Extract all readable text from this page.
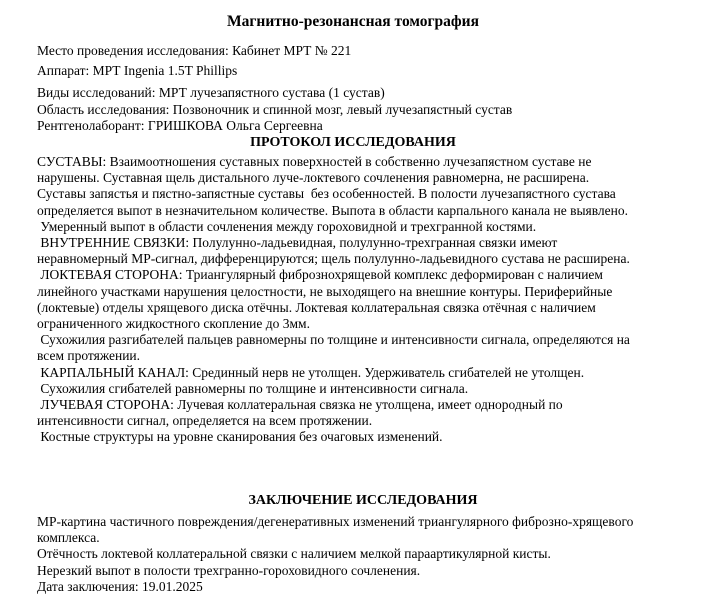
Магнитно-резонансная томография

Место проведения исследования: Кабинет МРТ № 221

Аппарат: МРТ Ingenia 1.5T Phillips

Виды исследований: МРТ лучезапястного сустава (1 сустав)

Область исследования: Позвоночник и спинной мозг, левый лучезапястный сустав

Рентгенолаборант: ГРИШКОВА Ольга Сергеевна

ПРОТОКОЛ ИССЛЕДОВАНИЯ

СУСТАВЫ: Взаимоотношения суставных поверхностей в собственно лучезапястном суставе не

нарушены. Суставная щель дистального луче-локтевого сочленения равномерна, не расширена.

Суставы запястья и пястно-запястные суставы  без особенностей. В полости лучезапястного сустава

определяется выпот в незначительном количестве. Выпота в области карпального канала не выявлено.

Умеренный выпот в области сочленения между гороховидной и трехгранной костями.

ВНУТРЕННИЕ СВЯЗКИ: Полулунно-ладьевидная, полулунно-трехгранная связки имеют

неравномерный МР-сигнал, дифференцируются; щель полулунно-ладьевидного сустава не расширена.

ЛОКТЕВАЯ СТОРОНА: Триангулярный фибрознохрящевой комплекс деформирован с наличием

линейного участками нарушения целостности, не выходящего на внешние контуры. Периферийные

(локтевые) отделы хрящевого диска отёчны. Локтевая коллатеральная связка отёчная с наличием

ограниченного жидкостного скопление до 3мм.

Сухожилия разгибателей пальцев равномерны по толщине и интенсивности сигнала, определяются на

всем протяжении.

КАРПАЛЬНЫЙ КАНАЛ: Срединный нерв не утолщен. Удерживатель сгибателей не утолщен.

Сухожилия сгибателей равномерны по толщине и интенсивности сигнала.

ЛУЧЕВАЯ СТОРОНА: Лучевая коллатеральная связка не утолщена, имеет однородный по

интенсивности сигнал, определяется на всем протяжении.

Костные структуры на уровне сканирования без очаговых изменений.

ЗАКЛЮЧЕНИЕ ИССЛЕДОВАНИЯ

МР-картина частичного повреждения/дегенеративных изменений триангулярного фиброзно-хрящевого

комплекса.

Отёчность локтевой коллатеральной связки с наличием мелкой параартикулярной кисты.

Нерезкий выпот в полости трехгранно-гороховидного сочленения.

Дата заключения: 19.01.2025
